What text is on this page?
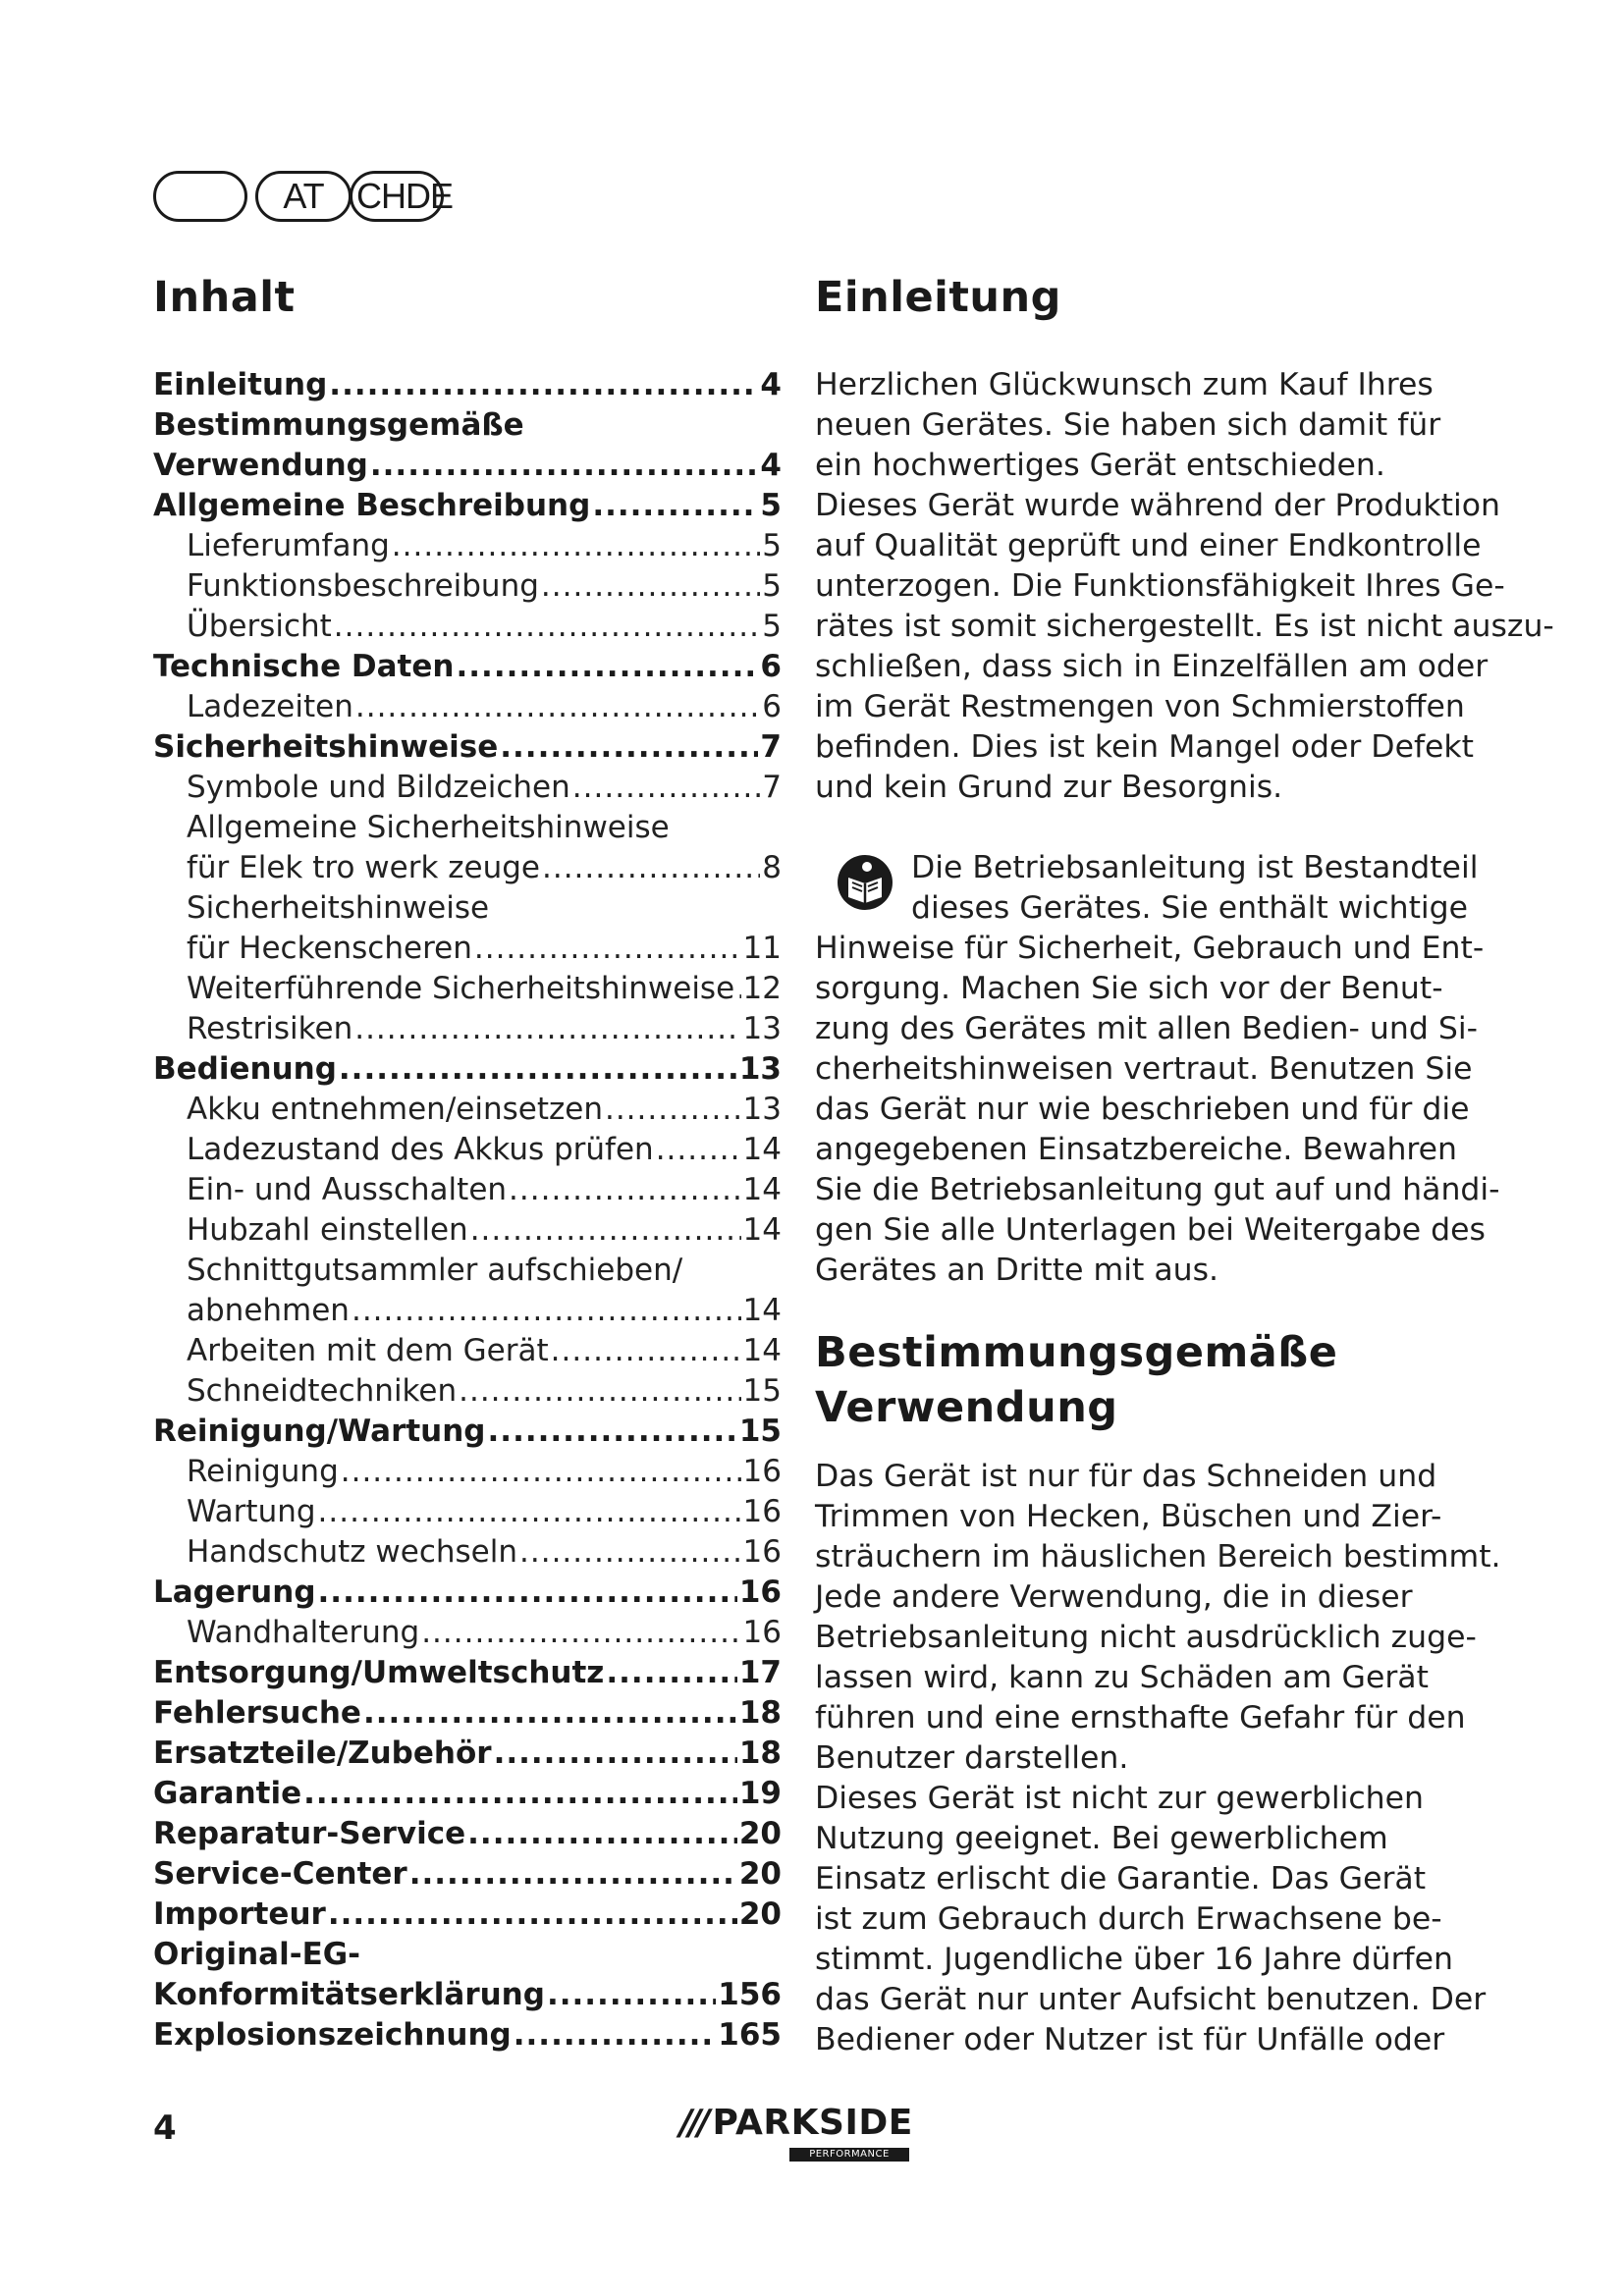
AT CHDE
Inhalt
Einleitung .....	4
Bestimmungsgemäße
Verwendung .....	4
Allgemeine Beschreibung .....	5
Lieferumfang .....	5
Funktionsbeschreibung .....	5
Übersicht .....	5
Technische Daten .....	6
Ladezeiten .....	6
Sicherheitshinweise .....	7
Symbole und Bildzeichen .....	7
Allgemeine Sicherheitshinweise
für Elek tro werk zeuge .....	8
Sicherheitshinweise
für Heckenscheren .....	11
Weiterführende Sicherheitshinweise ..... 12
Restrisiken .....	13
Bedienung .....	13
Akku entnehmen/einsetzen .....	13
Ladezustand des Akkus prüfen .....	14
Ein- und Ausschalten .....	14
Hubzahl einstellen .....	14
Schnittgutsammler aufschieben/
abnehmen .....	14
Arbeiten mit dem Gerät .....	14
Schneidtechniken .....	15
Reinigung/Wartung .....	15
Reinigung .....	16
Wartung .....	16
Handschutz wechseln .....	16
Lagerung .....	16
Wandhalterung .....	16
Entsorgung/Umweltschutz .....	17
Fehlersuche .....	18
Ersatzteile/Zubehör .....	18
Garantie .....	19
Reparatur-Service .....	20
Service-Center .....	20
Importeur .....	20
Original-EG-
Konformitätserklärung .....	156
Explosionszeichnung .....	165
Einleitung
Herzlichen Glückwunsch zum Kauf Ihres
neuen Gerätes. Sie haben sich damit für
ein hochwertiges Gerät entschieden.
Dieses Gerät wurde während der Produktion
auf Qualität geprüft und einer Endkontrolle
unterzogen. Die Funktionsfähigkeit Ihres Ge-
rätes ist somit sichergestellt. Es ist nicht auszu-
schließen, dass sich in Einzelfällen am oder
im Gerät Restmengen von Schmierstoffen
befinden. Dies ist kein Mangel oder Defekt
und kein Grund zur Besorgnis.
Die Betriebsanleitung ist Bestandteil
dieses Gerätes. Sie enthält wichtige
Hinweise für Sicherheit, Gebrauch und Ent-
sorgung. Machen Sie sich vor der Benut-
zung des Gerätes mit allen Bedien- und Si-
cherheitshinweisen vertraut. Benutzen Sie
das Gerät nur wie beschrieben und für die
angegebenen Einsatzbereiche. Bewahren
Sie die Betriebsanleitung gut auf und händi-
gen Sie alle Unterlagen bei Weitergabe des
Gerätes an Dritte mit aus.
Bestimmungsgemäße
Verwendung
Das Gerät ist nur für das Schneiden und
Trimmen von Hecken, Büschen und Zier-
sträuchern im häuslichen Bereich bestimmt.
Jede andere Verwendung, die in dieser
Betriebsanleitung nicht ausdrücklich zuge-
lassen wird, kann zu Schäden am Gerät
führen und eine ernsthafte Gefahr für den
Benutzer darstellen.
Dieses Gerät ist nicht zur gewerblichen
Nutzung geeignet. Bei gewerblichem
Einsatz erlischt die Garantie. Das Gerät
ist zum Gebrauch durch Erwachsene be-
stimmt. Jugendliche über 16 Jahre dürfen
das Gerät nur unter Aufsicht benutzen. Der
Bediener oder Nutzer ist für Unfälle oder
4	/// PARKSIDE
PERFORMANCE
